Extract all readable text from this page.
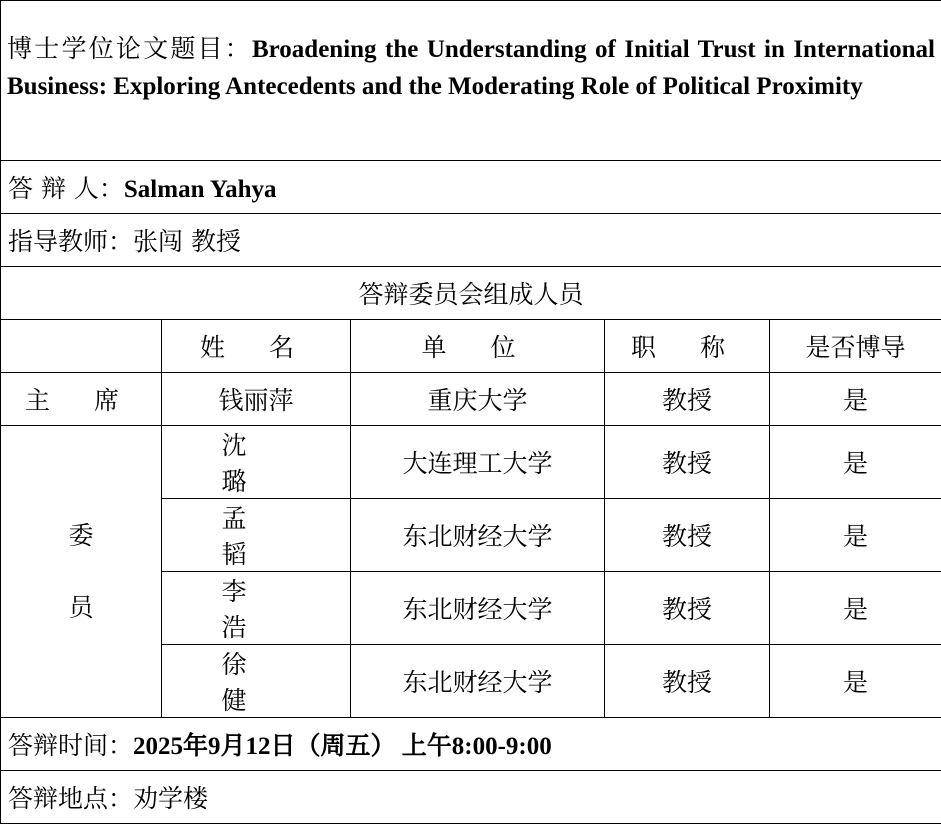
博士学位论文题目：Broadening the Understanding of Initial Trust in International Business: Exploring Antecedents and the Moderating Role of Political Proximity				
答 辩 人：Salman Yahya				
指导教师：张闯 教授				
答辩委员会组成人员				
	姓 名	单 位	职 称	是否博导
主 席	钱丽萍	重庆大学	教授	是

委
员	沈 璐	大连理工大学	教授	是
	孟 韬	东北财经大学	教授	是
	李 浩	东北财经大学	教授	是
	徐 健	东北财经大学	教授	是
答辩时间：2025年9月12日（周五） 上午8:00-9:00				
答辩地点：劝学楼				
